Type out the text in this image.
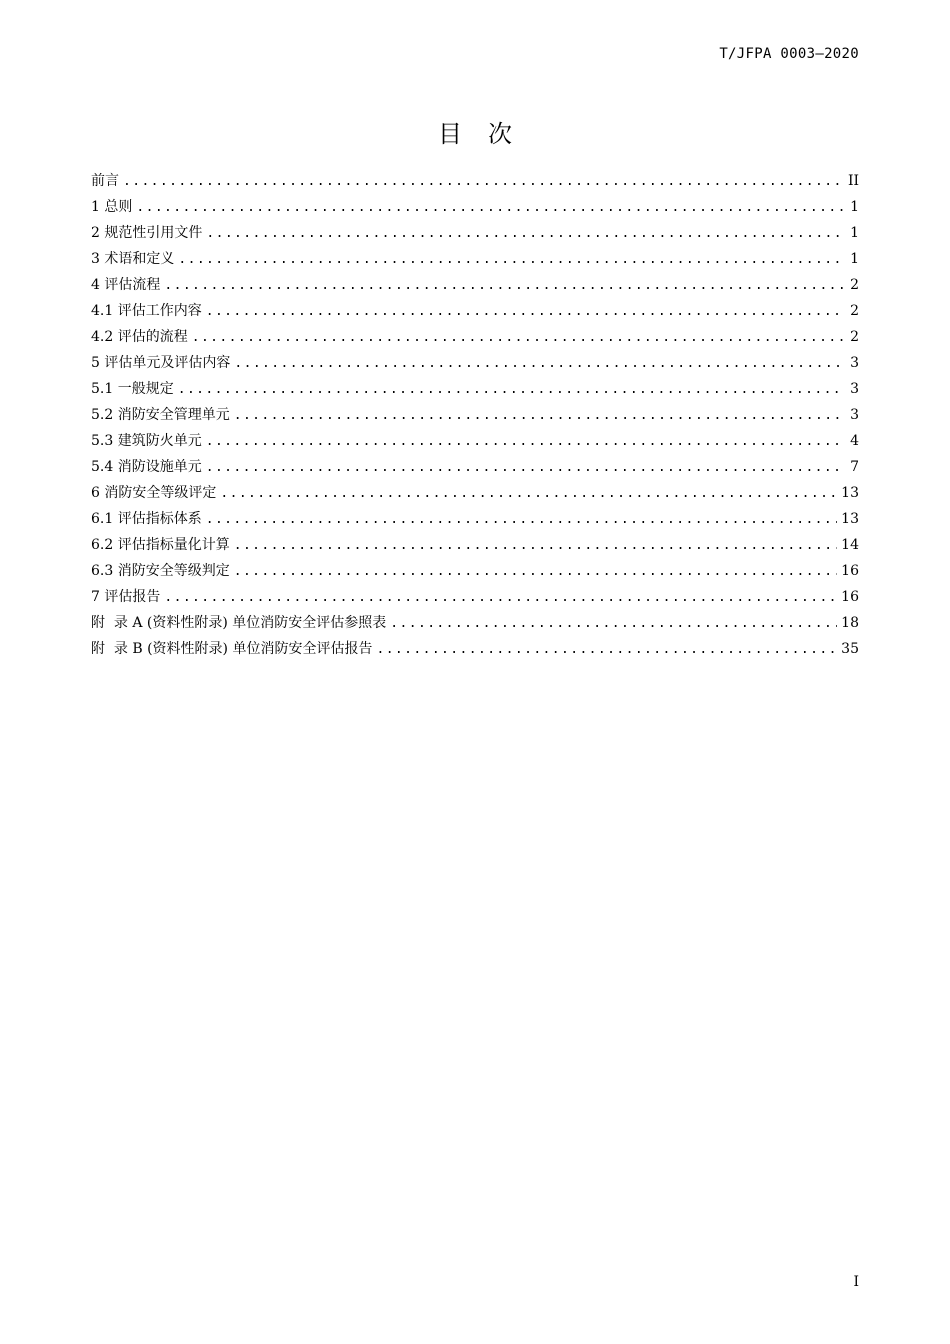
T/JFPA 0003—2020
目次
前言 .....	II
1 总则 .....	1
2 规范性引用文件 .....	1
3 术语和定义 .....	1
4 评估流程 .....	2
4.1 评估工作内容 .....	2
4.2 评估的流程 .....	2
5 评估单元及评估内容 .....	3
5.1 一般规定 .....	3
5.2 消防安全管理单元 .....	3
5.3 建筑防火单元 .....	4
5.4 消防设施单元 .....	7
6 消防安全等级评定 .....	13
6.1 评估指标体系 .....	13
6.2 评估指标量化计算 .....	14
6.3 消防安全等级判定 .....	16
7 评估报告 .....	16
附  录 A (资料性附录) 单位消防安全评估参照表 .....	18
附  录 B (资料性附录) 单位消防安全评估报告 .....	35
I
